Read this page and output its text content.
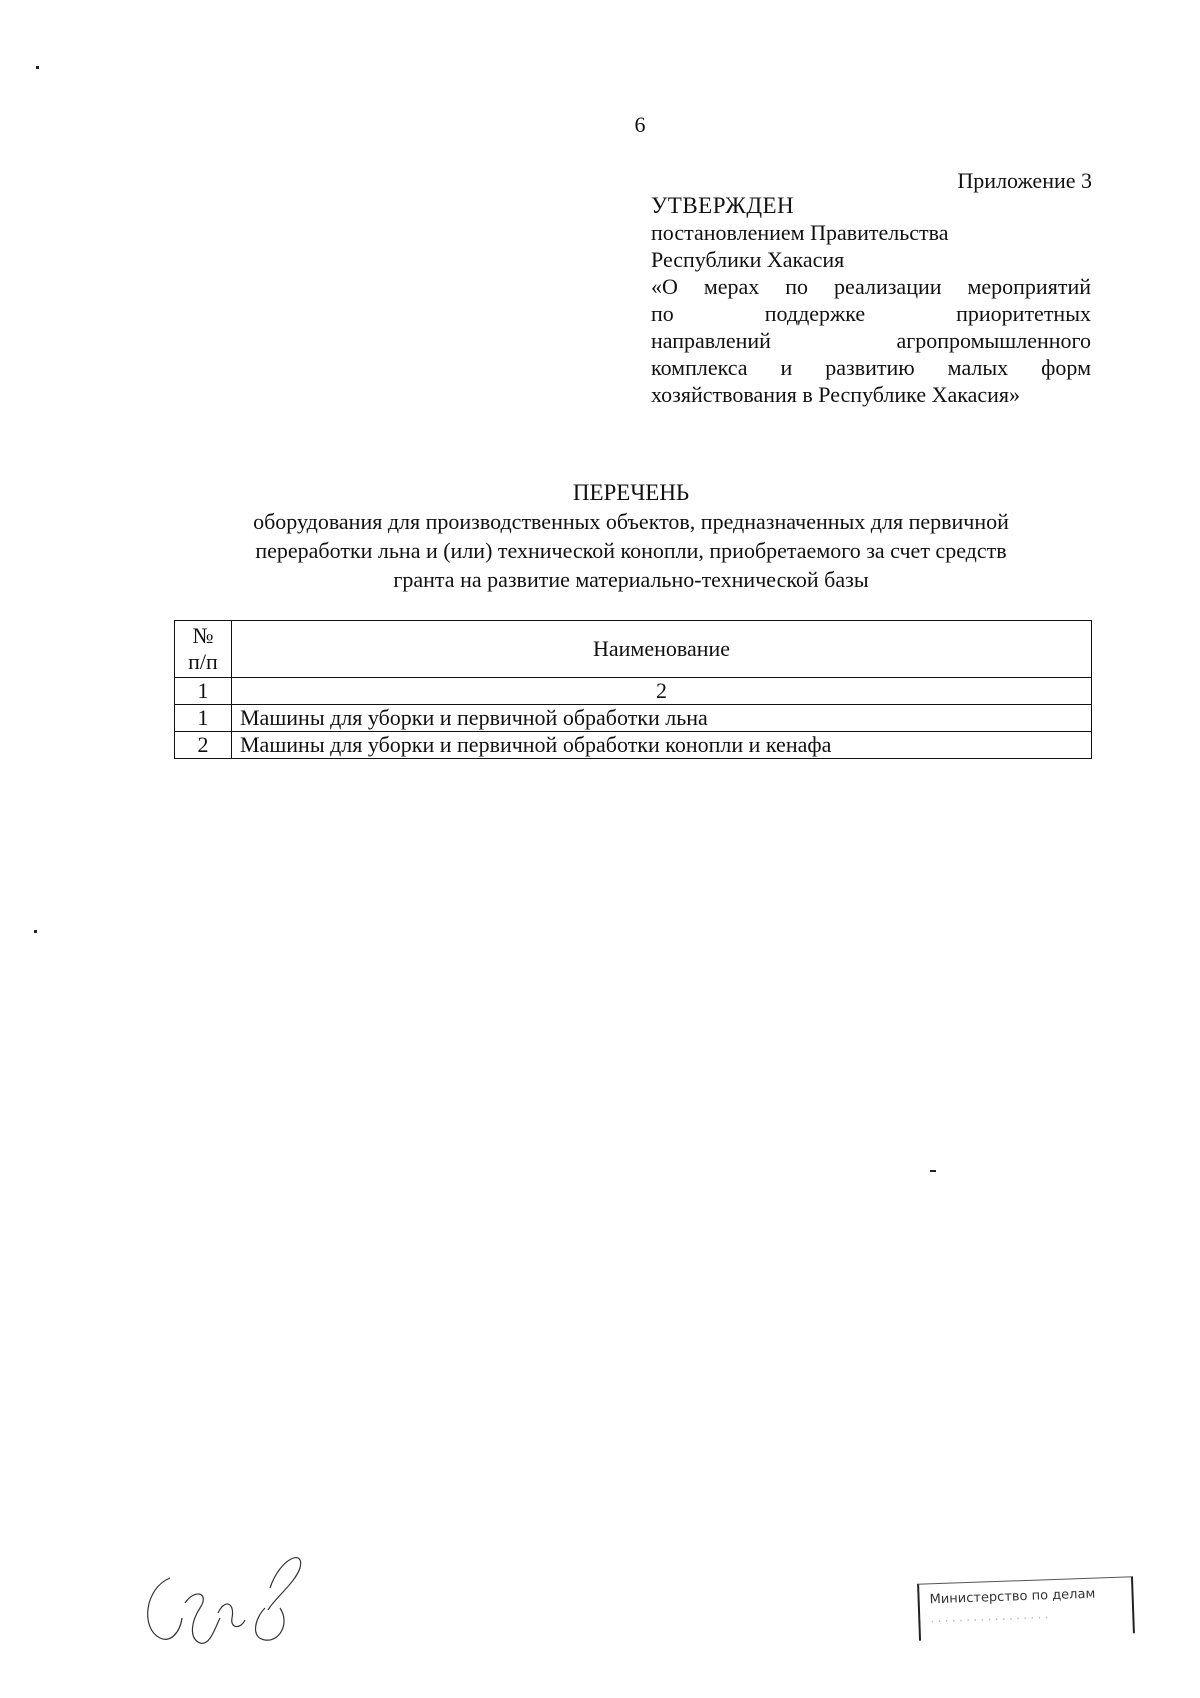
6
Приложение 3
УТВЕРЖДЕН
постановлением Правительства
Республики Хакасия
«О мерах по реализации мероприятий
по поддержке приоритетных
направлений агропромышленного
комплекса и развитию малых форм
хозяйствования в Республике Хакасия»
ПЕРЕЧЕНЬ
оборудования для производственных объектов, предназначенных для первичной
переработки льна и (или) технической конопли, приобретаемого за счет средств
гранта на развитие материально-технической базы
№
п/п	Наименование
1	2
1	Машины для уборки и первичной обработки льна
2	Машины для уборки и первичной обработки конопли и кенафа
Министерство по делам
.................
